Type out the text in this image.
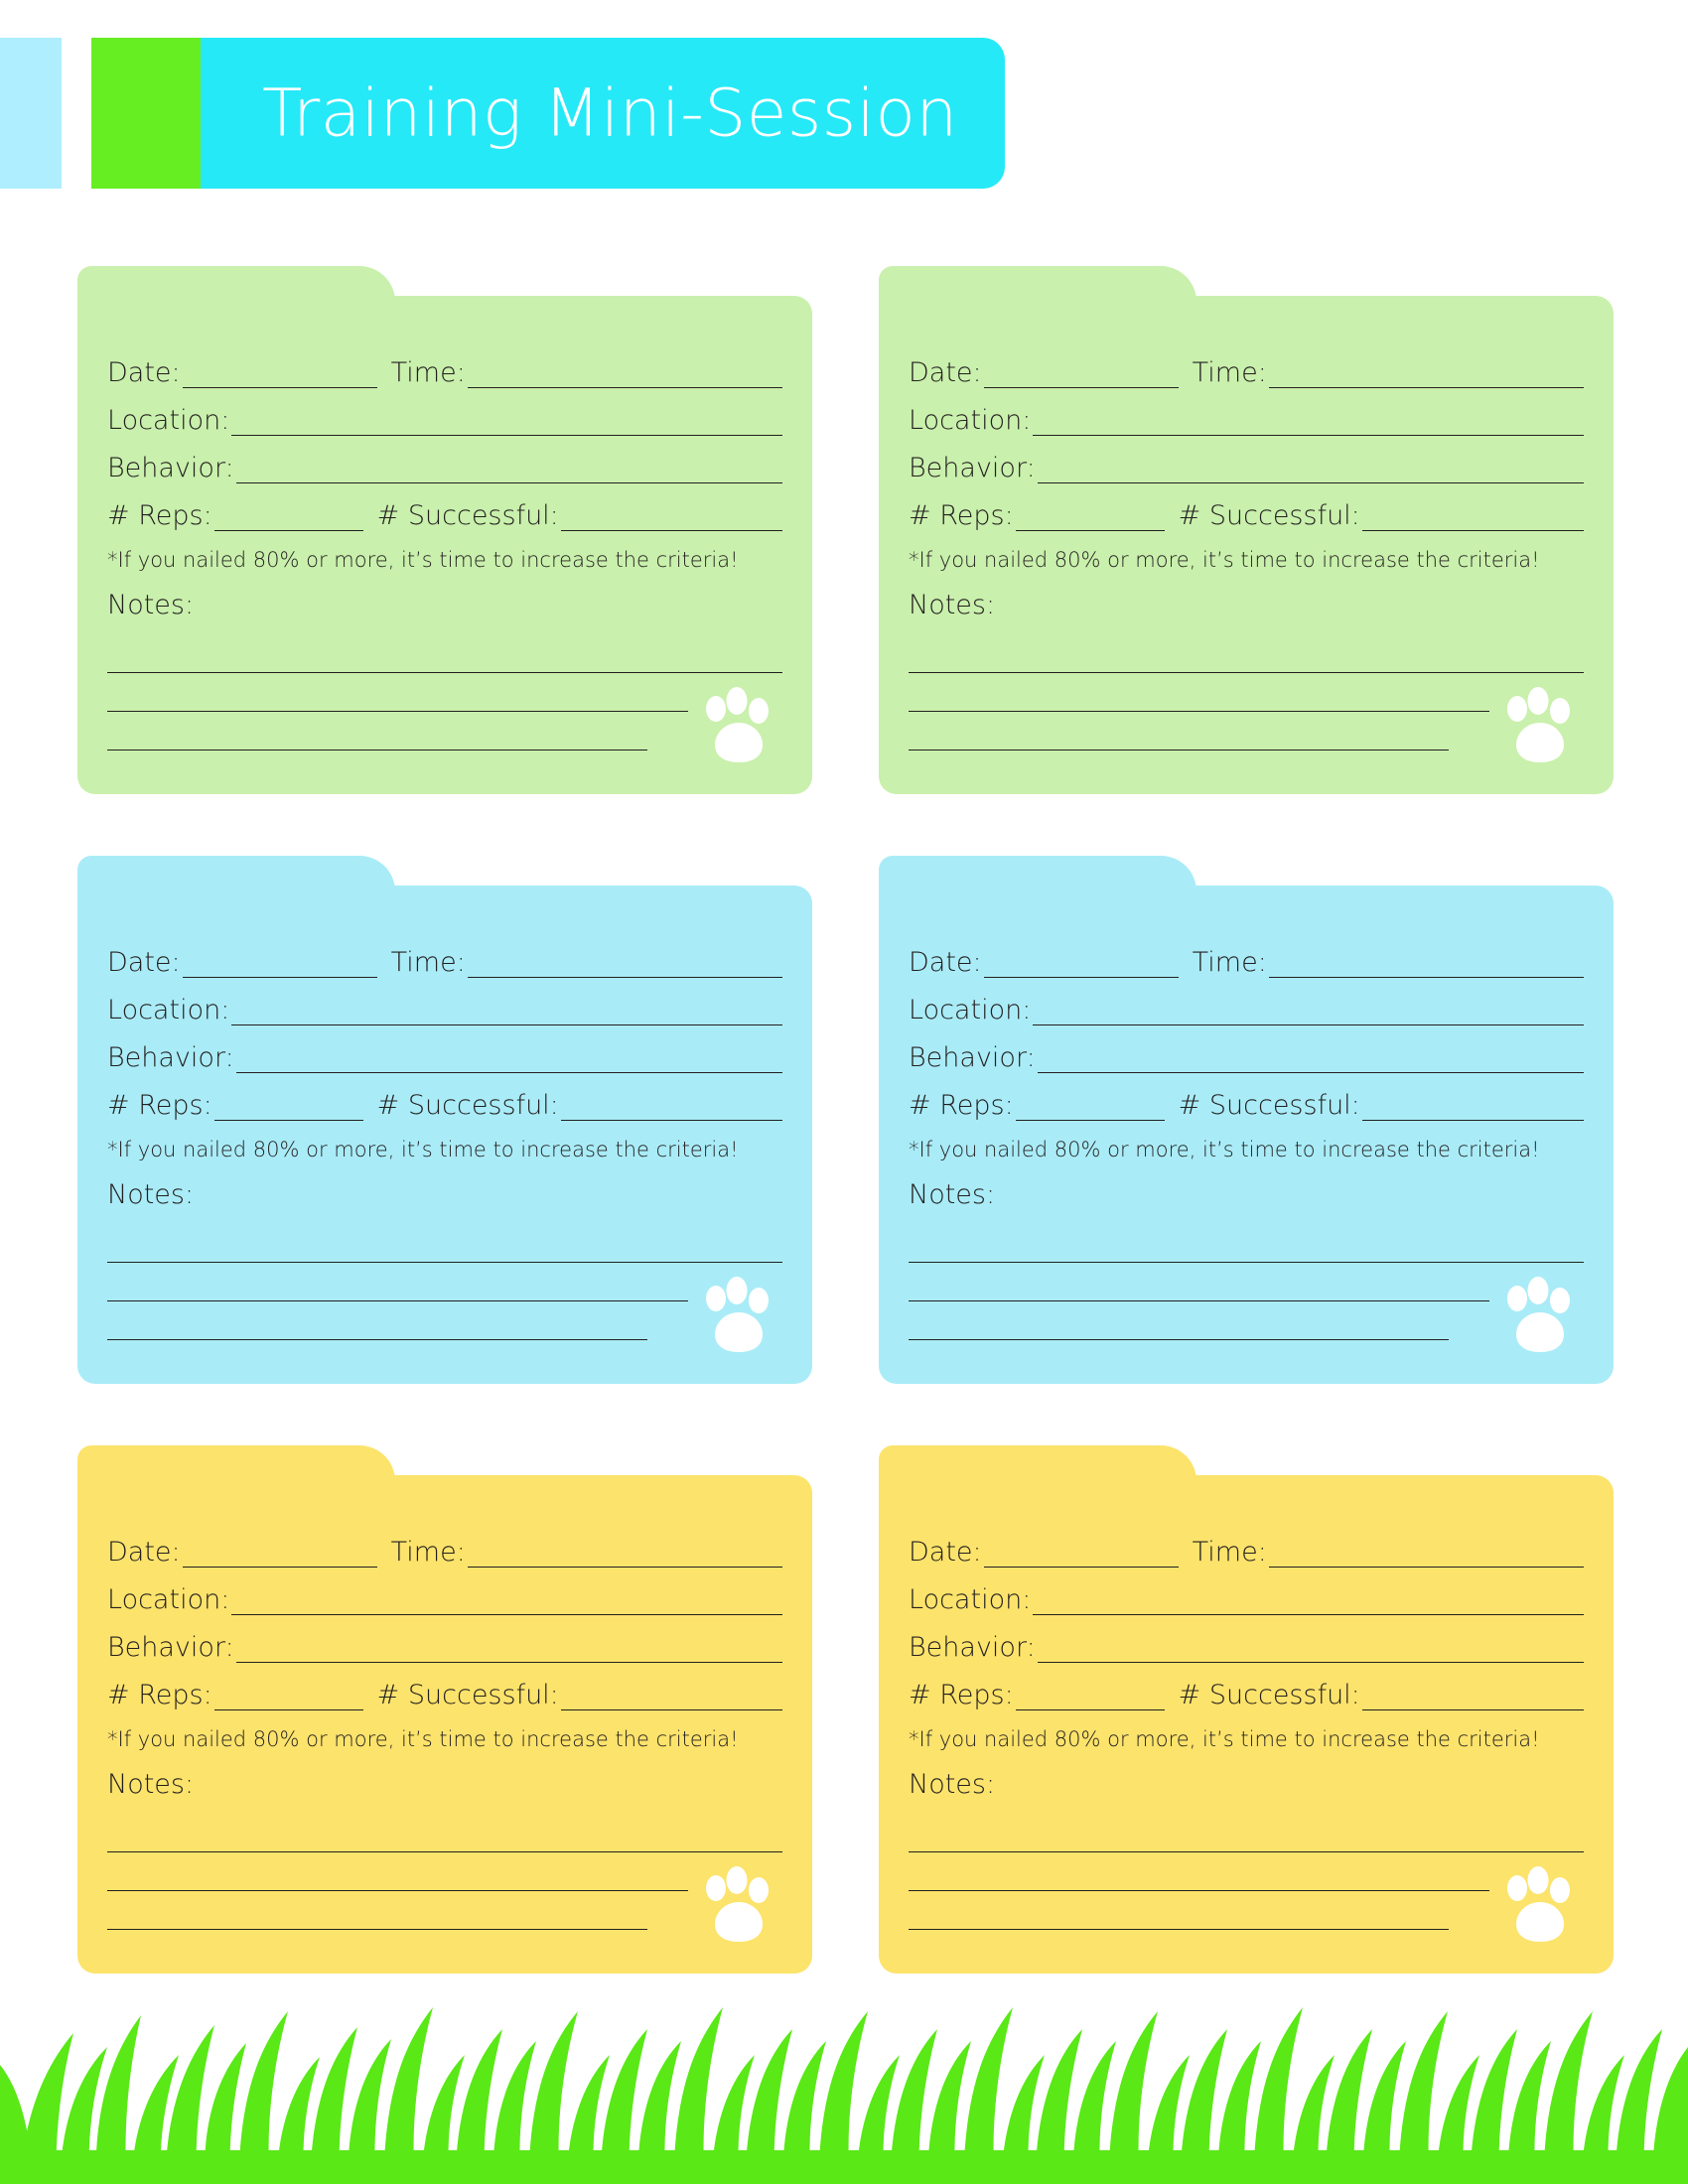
Training Mini-Session
Date:	Time:
Location:
Behavior:
# Reps:	# Successful:
*If you nailed 80% or more, it’s time to increase the criteria!
Notes:
Date:	Time:
Location:
Behavior:
# Reps:	# Successful:
*If you nailed 80% or more, it’s time to increase the criteria!
Notes:
Date:	Time:
Location:
Behavior:
# Reps:	# Successful:
*If you nailed 80% or more, it’s time to increase the criteria!
Notes:
Date:	Time:
Location:
Behavior:
# Reps:	# Successful:
*If you nailed 80% or more, it’s time to increase the criteria!
Notes:
Date:	Time:
Location:
Behavior:
# Reps:	# Successful:
*If you nailed 80% or more, it’s time to increase the criteria!
Notes:
Date:	Time:
Location:
Behavior:
# Reps:	# Successful:
*If you nailed 80% or more, it’s time to increase the criteria!
Notes:
